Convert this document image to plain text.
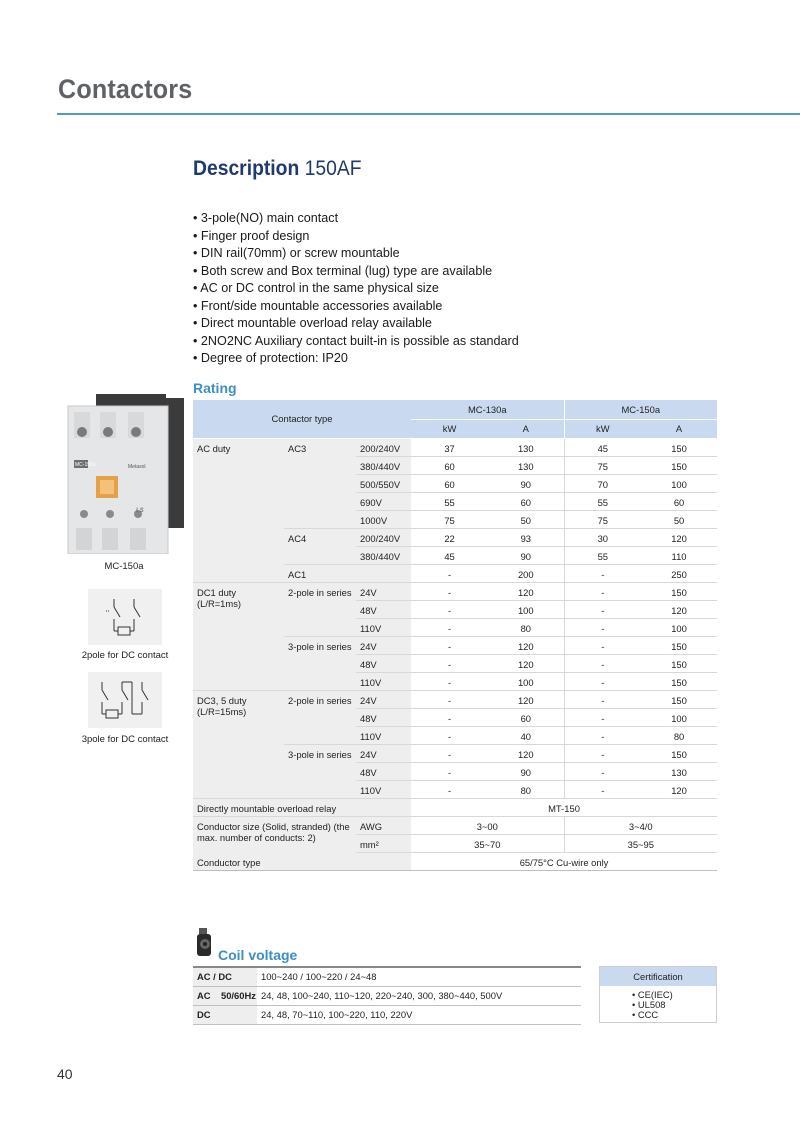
Contactors
Description 150AF
• 3-pole(NO) main contact
• Finger proof design
• DIN rail(70mm) or screw mountable
• Both screw and Box terminal (lug) type are available
• AC or DC control in the same physical size
• Front/side mountable accessories available
• Direct mountable overload relay available
• 2NO2NC Auxiliary contact built-in is possible as standard
• Degree of protection: IP20
MC-150a	Metasol
LS
MC-150a
2pole for DC contact
3pole for DC contact
Rating
Contactor type			MC-130a		MC-150a	
			kW	A	kW	A
AC duty	AC3	200/240V	37	130	45	150
		380/440V	60	130	75	150
		500/550V	60	90	70	100
		690V	55	60	55	60
		1000V	75	50	75	50
	AC4	200/240V	22	93	30	120
		380/440V	45	90	55	110
	AC1		-	200	-	250
DC1 duty (L/R=1ms)	2-pole in series	24V	-	120	-	150
		48V	-	100	-	120
		110V	-	80	-	100
	3-pole in series	24V	-	120	-	150
		48V	-	120	-	150
		110V	-	100	-	150
DC3, 5 duty (L/R=15ms)	2-pole in series	24V	-	120	-	150
		48V	-	60	-	100
		110V	-	40	-	80
	3-pole in series	24V	-	120	-	150
		48V	-	90	-	130
		110V	-	80	-	120
Directly mountable overload relay			MT-150			
Conductor size (Solid, stranded) (the max. number of conducts: 2)		AWG	3~00		3~4/0	
		mm²	35~70		35~95	
Conductor type			65/75°C Cu-wire only			
Coil voltage
AC / DC		100~240 / 100~220 / 24~48
AC	50/60Hz	24, 48, 100~240, 110~120, 220~240, 300, 380~440, 500V
DC		24, 48, 70~110, 100~220, 110, 220V
Certification
• CE(IEC)
• UL508
• CCC
40
